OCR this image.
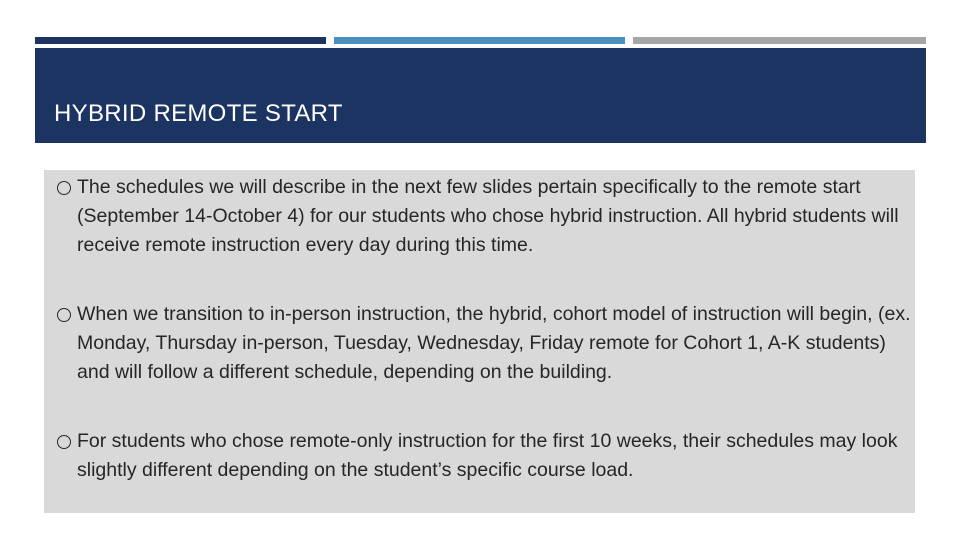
HYBRID REMOTE START
The schedules we will describe in the next few slides pertain specifically to the remote start (September 14-October 4) for our students who chose hybrid instruction. All hybrid students will receive remote instruction every day during this time.
When we transition to in-person instruction, the hybrid, cohort model of instruction will begin, (ex. Monday, Thursday in-person, Tuesday, Wednesday, Friday remote for Cohort 1, A-K students) and will follow a different schedule, depending on the building.
For students who chose remote-only instruction for the first 10 weeks, their schedules may look slightly different depending on the student’s specific course load.
